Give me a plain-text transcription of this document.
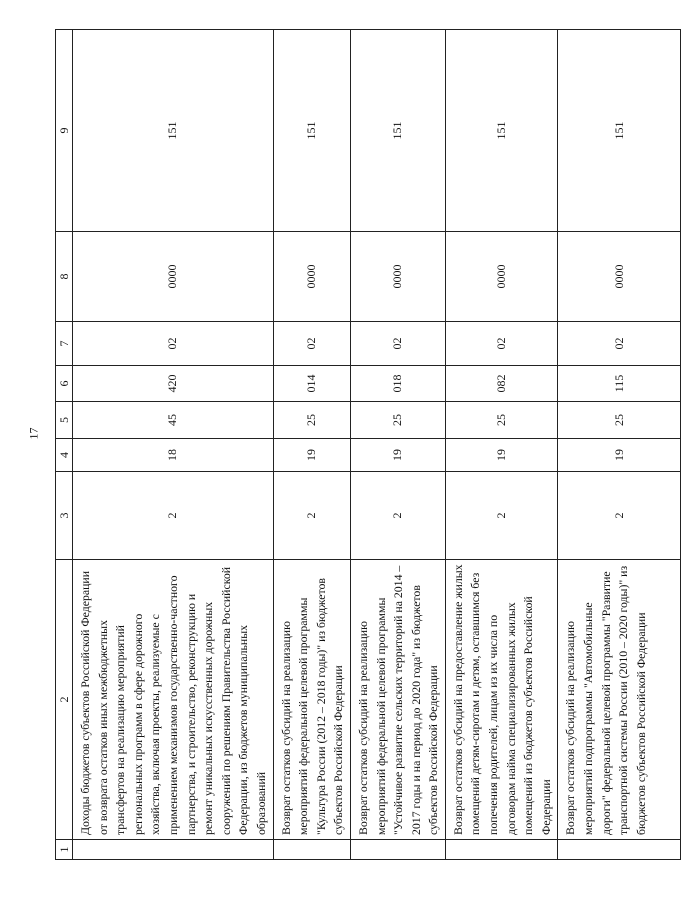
17
1	2	3	4	5	6	7	8	9
	Доходы бюджетов субъектов Российской Федерации от возврата остатков иных межбюджетных трансфертов на реализацию мероприятий региональных программ в сфере дорожного хозяйства, включая проекты, реализуемые с применением механизмов государственно-частного партнерства, и строительство, реконструкцию и ремонт уникальных искусственных дорожных сооружений по решениям Правительства Российской Федерации, из бюджетов муниципальных образований	2	18	45	420	02	0000	151
	Возврат остатков субсидий на реализацию мероприятий федеральной целевой программы "Культура России (2012 – 2018 годы)" из бюджетов субъектов Российской Федерации	2	19	25	014	02	0000	151
	Возврат остатков субсидий на реализацию мероприятий федеральной целевой программы "Устойчивое развитие сельских территорий на 2014 – 2017 годы и на период до 2020 года" из бюджетов субъектов Российской Федерации	2	19	25	018	02	0000	151
	Возврат остатков субсидий на предоставление жилых помещений детям-сиротам и детям, оставшимся без попечения родителей, лицам из их числа по договорам найма специализированных жилых помещений из бюджетов субъектов Российской Федерации	2	19	25	082	02	0000	151
	Возврат остатков субсидий на реализацию мероприятий подпрограммы "Автомобильные дороги" федеральной целевой программы "Развитие транспортной системы России (2010 – 2020 годы)" из бюджетов субъектов Российской Федерации	2	19	25	115	02	0000	151
